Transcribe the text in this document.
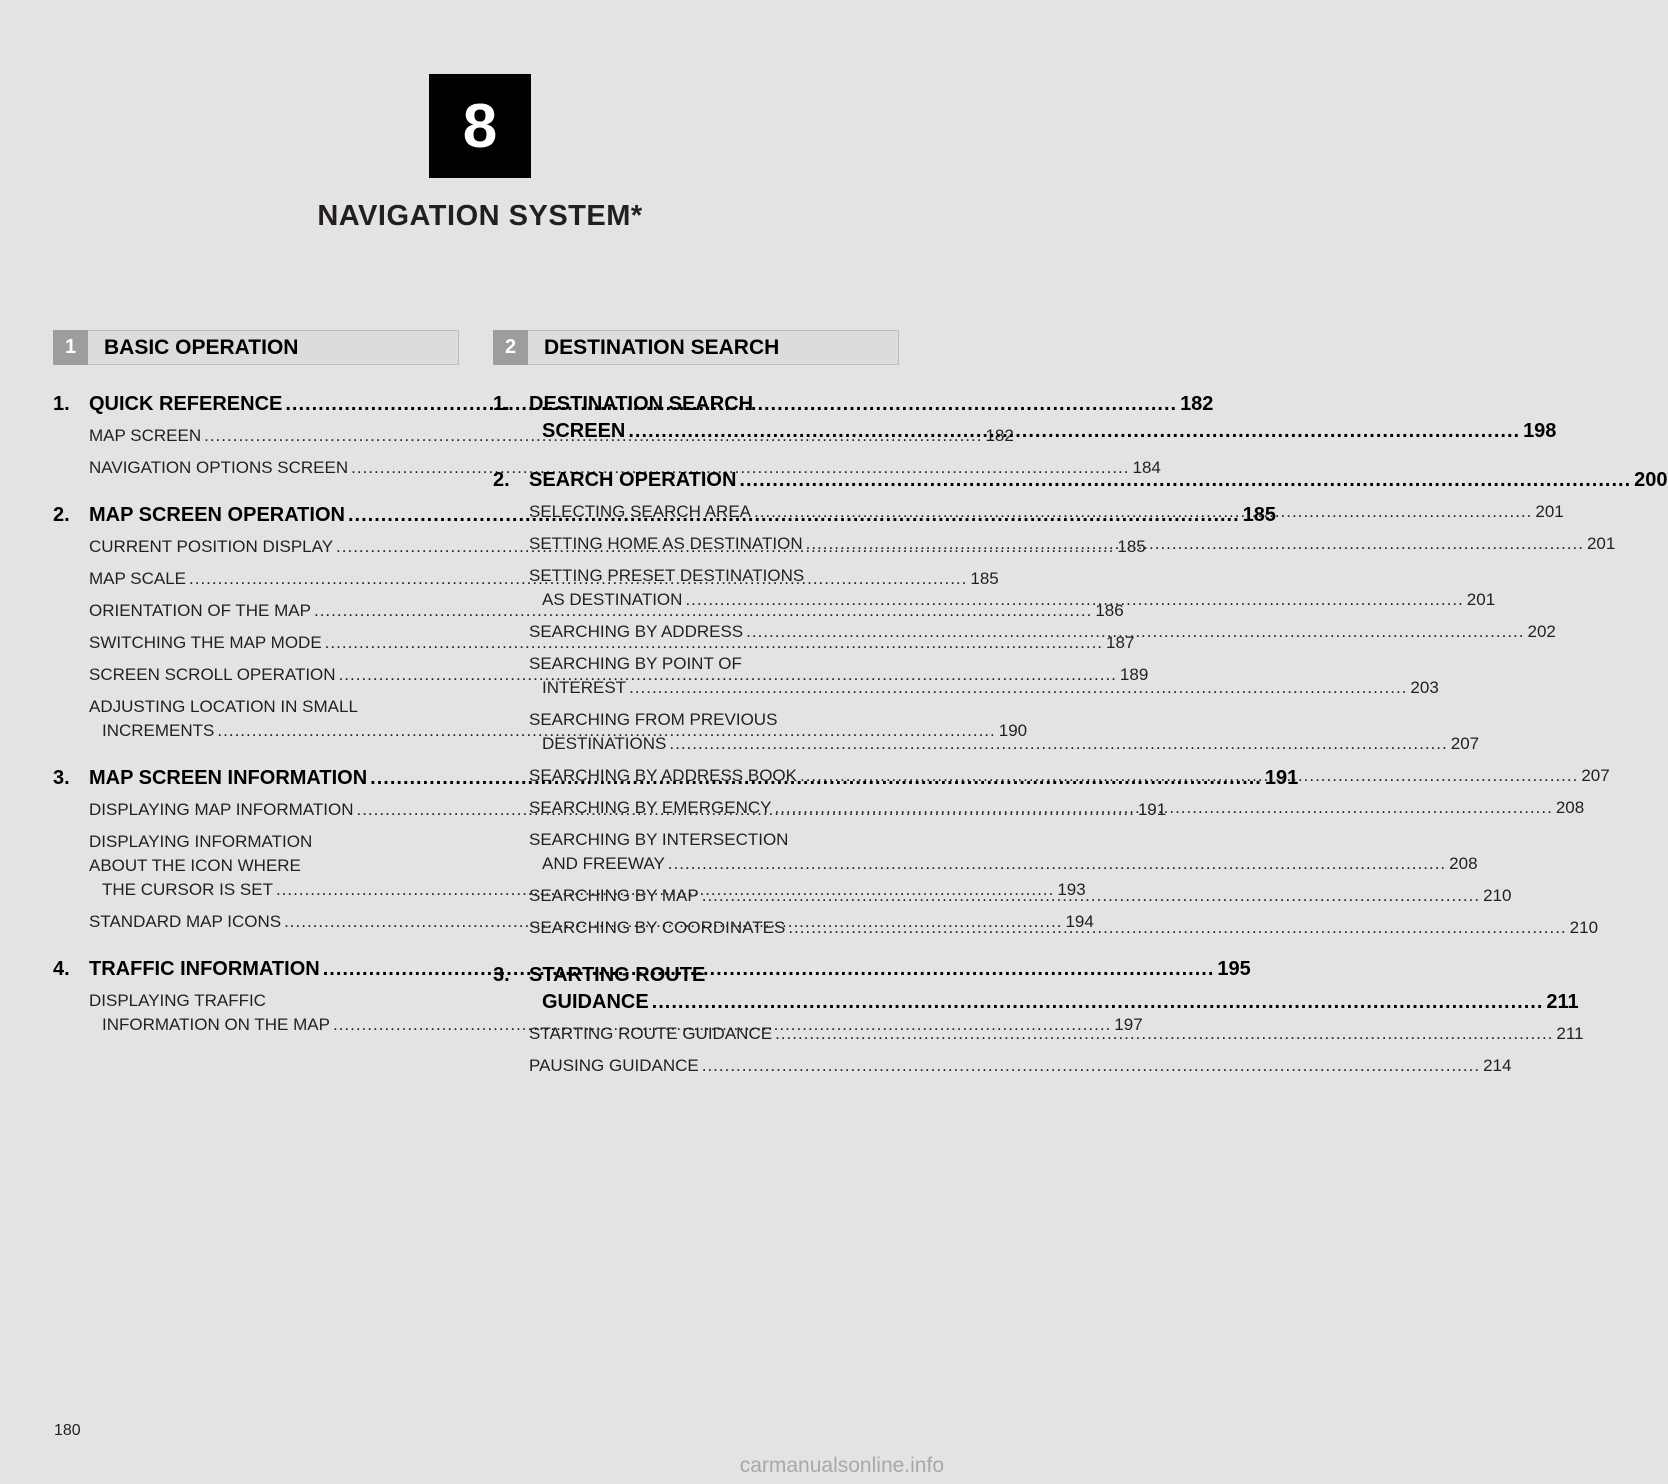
8
NAVIGATION SYSTEM*
1	BASIC OPERATION
1. QUICK REFERENCE .....	182
MAP SCREEN .....	182
NAVIGATION OPTIONS SCREEN .....	184
2. MAP SCREEN OPERATION .....	185
CURRENT POSITION DISPLAY .....	185
MAP SCALE .....	185
ORIENTATION OF THE MAP .....	186
SWITCHING THE MAP MODE .....	187
SCREEN SCROLL OPERATION .....	189
ADJUSTING LOCATION IN SMALL
INCREMENTS .....	190
3. MAP SCREEN INFORMATION .....	191
DISPLAYING MAP INFORMATION .....	191
DISPLAYING INFORMATION
ABOUT THE ICON WHERE
THE CURSOR IS SET .....	193
STANDARD MAP ICONS .....	194
4. TRAFFIC INFORMATION .....	195
DISPLAYING TRAFFIC
INFORMATION ON THE MAP .....	197
2	DESTINATION SEARCH
1. DESTINATION SEARCH
SCREEN .....	198
2. SEARCH OPERATION .....	200
SELECTING SEARCH AREA .....	201
SETTING HOME AS DESTINATION .....	201
SETTING PRESET DESTINATIONS
AS DESTINATION .....	201
SEARCHING BY ADDRESS .....	202
SEARCHING BY POINT OF
INTEREST .....	203
SEARCHING FROM PREVIOUS
DESTINATIONS .....	207
SEARCHING BY ADDRESS BOOK .....	207
SEARCHING BY EMERGENCY .....	208
SEARCHING BY INTERSECTION
AND FREEWAY .....	208
SEARCHING BY MAP .....	210
SEARCHING BY COORDINATES .....	210
3. STARTING ROUTE
GUIDANCE .....	211
STARTING ROUTE GUIDANCE .....	211
PAUSING GUIDANCE .....	214
180
carmanualsonline.info
